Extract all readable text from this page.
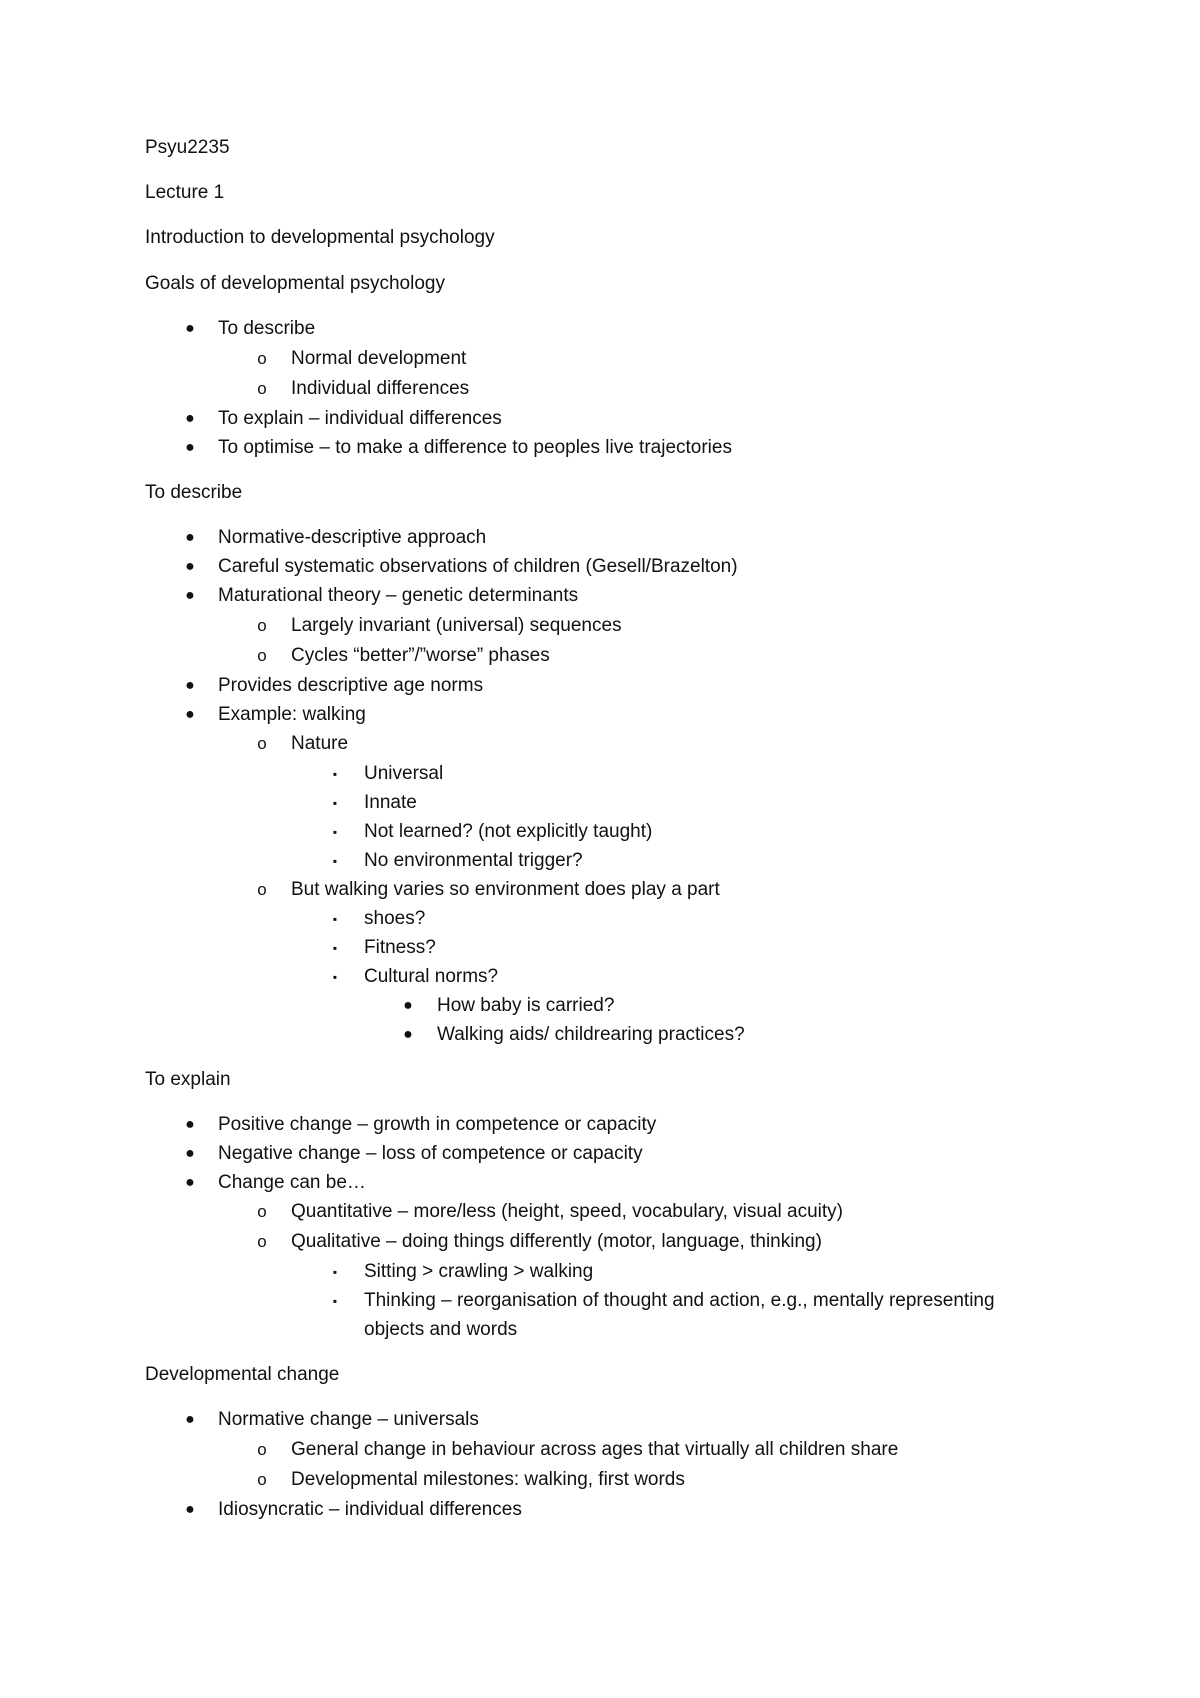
Psyu2235
Lecture 1
Introduction to developmental psychology
Goals of developmental psychology
●	To describe
o	Normal development
o	Individual differences
●	To explain – individual differences
●	To optimise – to make a difference to peoples live trajectories
To describe
●	Normative-descriptive approach
●	Careful systematic observations of children (Gesell/Brazelton)
●	Maturational theory – genetic determinants
o	Largely invariant (universal) sequences
o	Cycles “better”/”worse” phases
●	Provides descriptive age norms
●	Example: walking
o	Nature
▪	Universal
▪	Innate
▪	Not learned? (not explicitly taught)
▪	No environmental trigger?
o	But walking varies so environment does play a part
▪	shoes?
▪	Fitness?
▪	Cultural norms?
●	How baby is carried?
●	Walking aids/ childrearing practices?
To explain
●	Positive change – growth in competence or capacity
●	Negative change – loss of competence or capacity
●	Change can be…
o	Quantitative – more/less (height, speed, vocabulary, visual acuity)
o	Qualitative – doing things differently (motor, language, thinking)
▪	Sitting > crawling > walking
▪	Thinking – reorganisation of thought and action, e.g., mentally representing
objects and words
Developmental change
●	Normative change – universals
o	General change in behaviour across ages that virtually all children share
o	Developmental milestones: walking, first words
●	Idiosyncratic – individual differences
